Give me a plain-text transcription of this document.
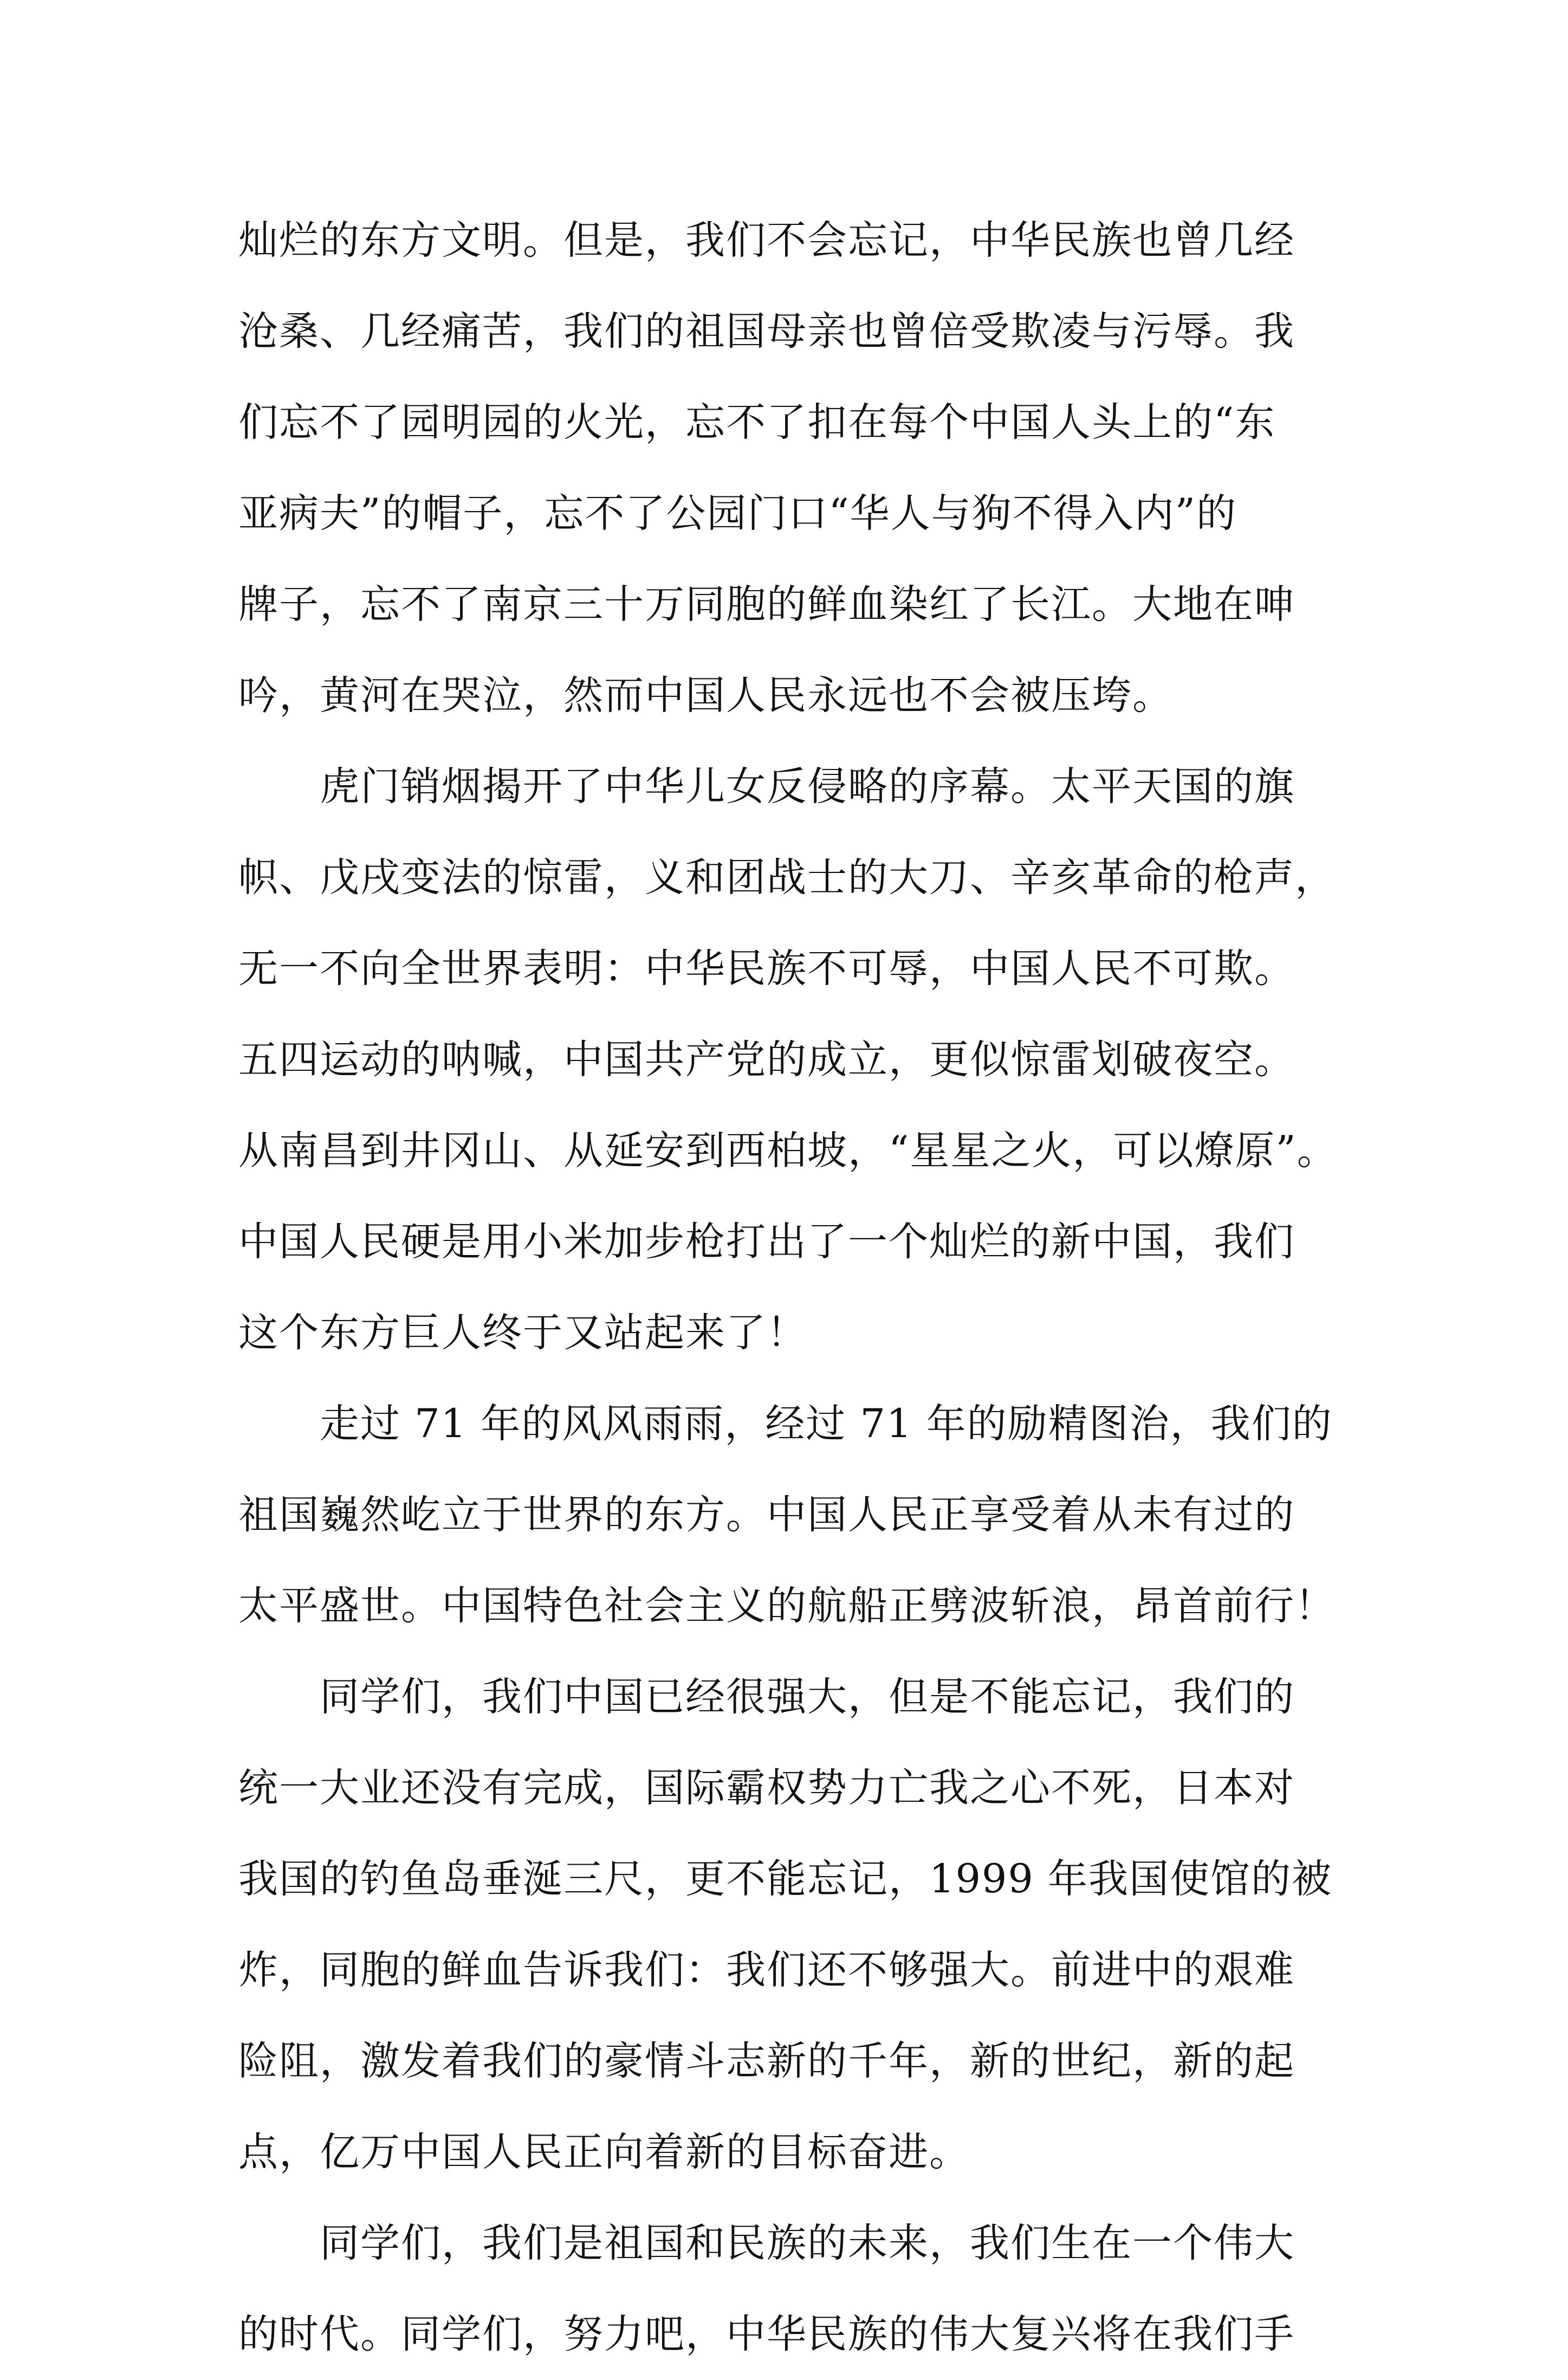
灿烂的东方文明。但是，我们不会忘记，中华民族也曾几经
沧桑、几经痛苦，我们的祖国母亲也曾倍受欺凌与污辱。我
们忘不了园明园的火光，忘不了扣在每个中国人头上的“东
亚病夫”的帽子，忘不了公园门口“华人与狗不得入内”的
牌子，忘不了南京三十万同胞的鲜血染红了长江。大地在呻
吟，黄河在哭泣，然而中国人民永远也不会被压垮。
　　虎门销烟揭开了中华儿女反侵略的序幕。太平天国的旗
帜、戊戌变法的惊雷，义和团战士的大刀、辛亥革命的枪声，
无一不向全世界表明：中华民族不可辱，中国人民不可欺。
五四运动的呐喊，中国共产党的成立，更似惊雷划破夜空。
从南昌到井冈山、从延安到西柏坡，“星星之火，可以燎原”。
中国人民硬是用小米加步枪打出了一个灿烂的新中国，我们
这个东方巨人终于又站起来了！
　　走过 71 年的风风雨雨，经过 71 年的励精图治，我们的
祖国巍然屹立于世界的东方。中国人民正享受着从未有过的
太平盛世。中国特色社会主义的航船正劈波斩浪，昂首前行！
　　同学们，我们中国已经很强大，但是不能忘记，我们的
统一大业还没有完成，国际霸权势力亡我之心不死，日本对
我国的钓鱼岛垂涎三尺，更不能忘记，1999 年我国使馆的被
炸，同胞的鲜血告诉我们：我们还不够强大。前进中的艰难
险阻，激发着我们的豪情斗志新的千年，新的世纪，新的起
点，亿万中国人民正向着新的目标奋进。
　　同学们，我们是祖国和民族的未来，我们生在一个伟大
的时代。同学们，努力吧，中华民族的伟大复兴将在我们手
